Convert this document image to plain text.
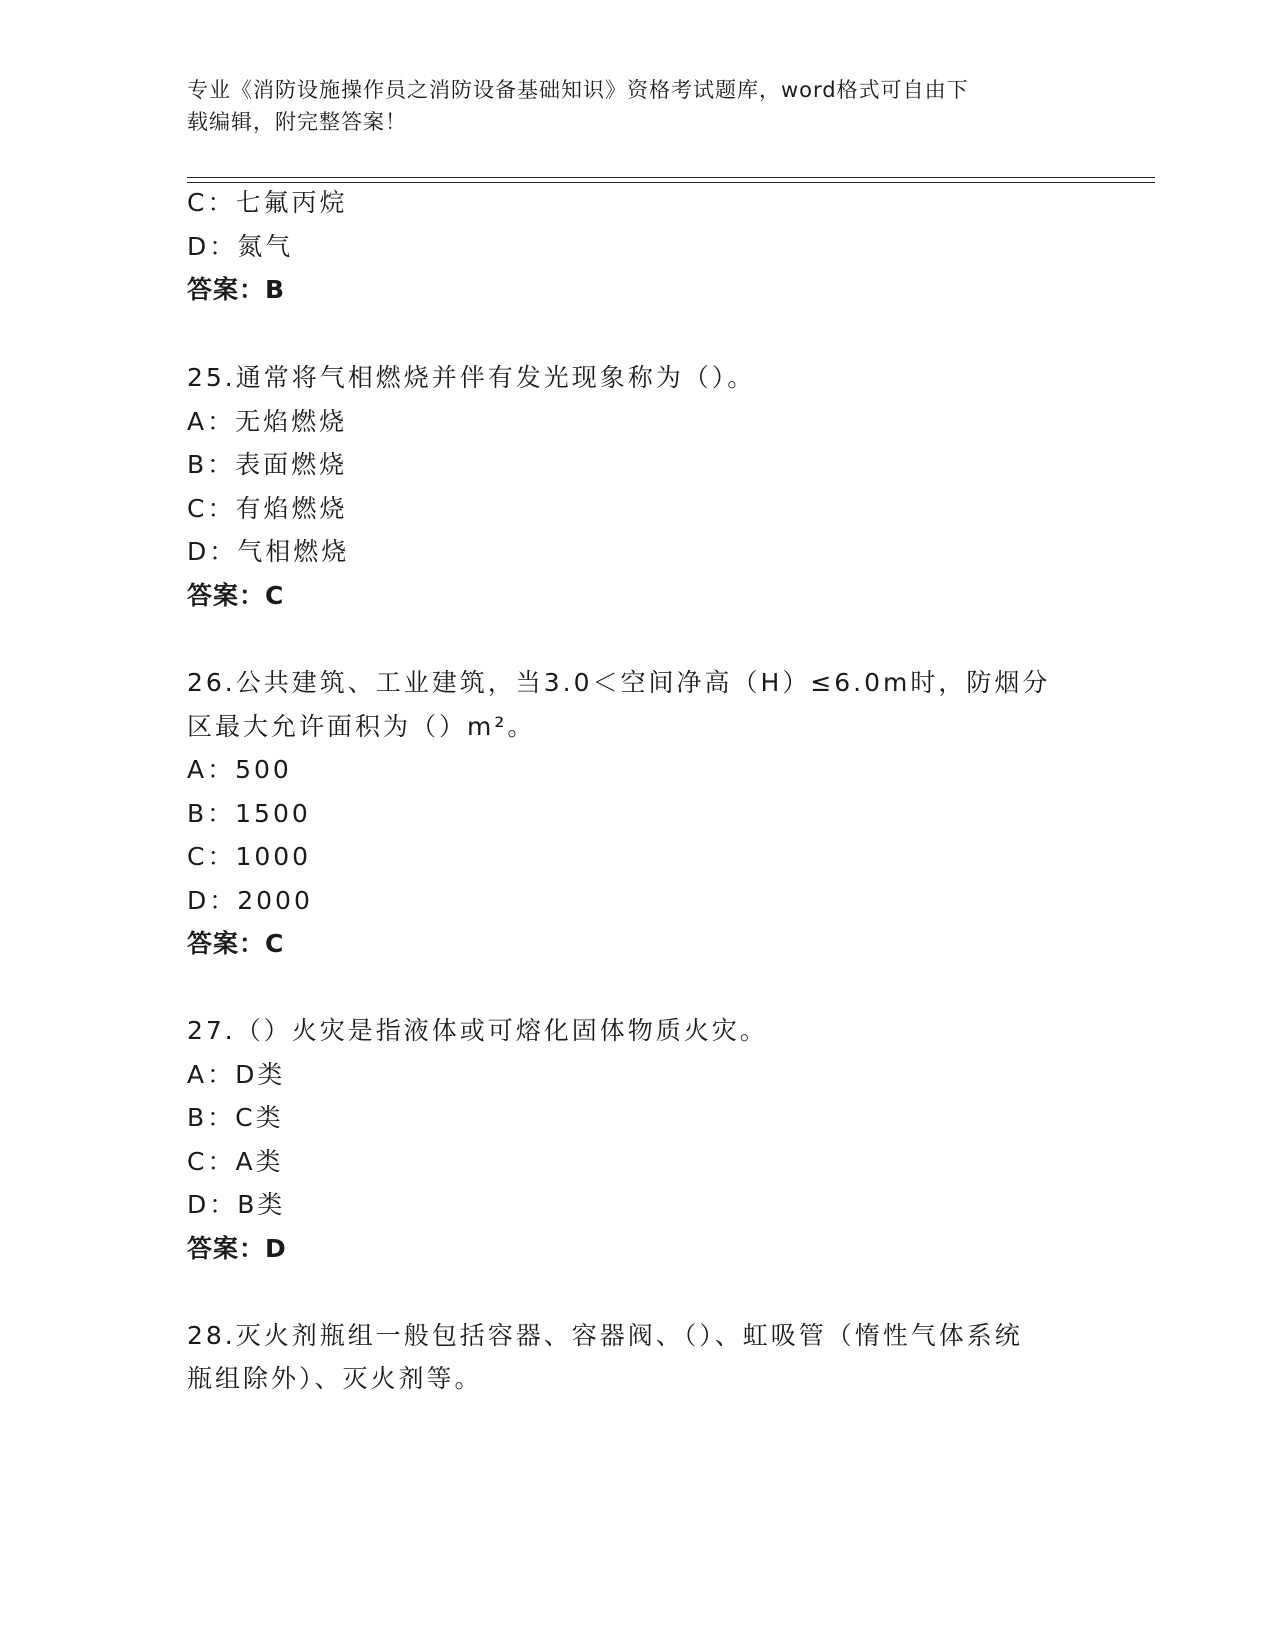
专业《消防设施操作员之消防设备基础知识》资格考试题库，word格式可自由下
载编辑，附完整答案！
C：七氟丙烷
D：氮气
答案：B
25.通常将气相燃烧并伴有发光现象称为（）。
A：无焰燃烧
B：表面燃烧
C：有焰燃烧
D：气相燃烧
答案：C
26.公共建筑、工业建筑，当3.0＜空间净高（H）≤6.0m时，防烟分
区最大允许面积为（）m²。
A：500
B：1500
C：1000
D：2000
答案：C
27.（）火灾是指液体或可熔化固体物质火灾。
A：D类
B：C类
C：A类
D：B类
答案：D
28.灭火剂瓶组一般包括容器、容器阀、（）、虹吸管（惰性气体系统
瓶组除外）、灭火剂等。
